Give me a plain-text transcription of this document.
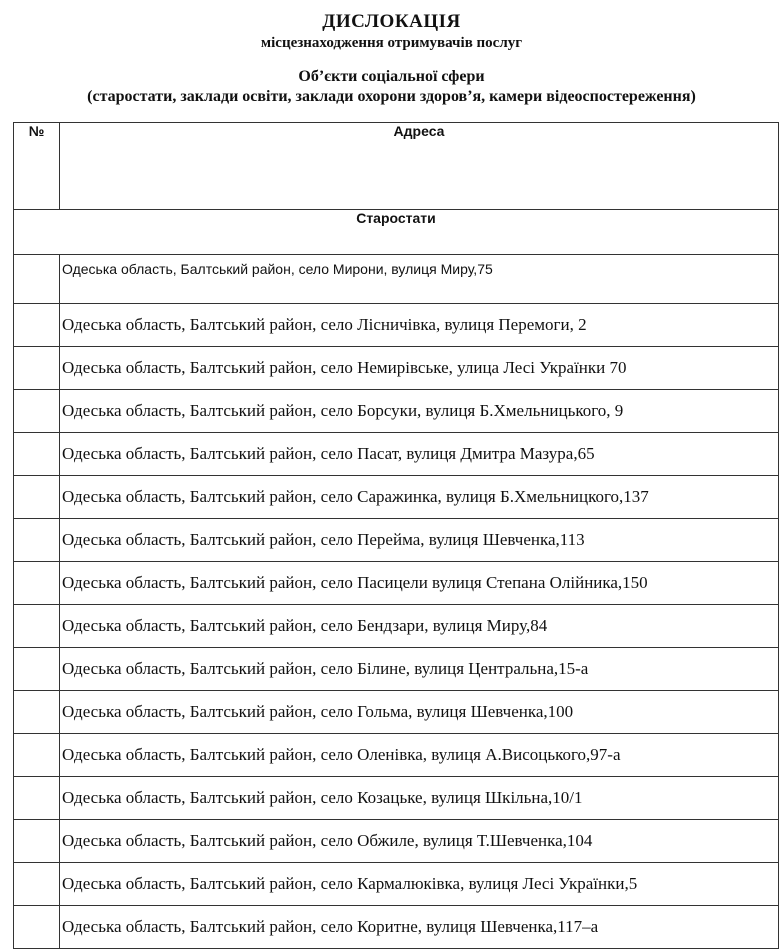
ДИСЛОКАЦІЯ
місцезнаходження отримувачів послуг
Об’єкти соціальної сфери
(старостати, заклади освіти, заклади охорони здоров’я, камери відеоспостереження)
№	Адреса
Старостати	
	Одеська область, Балтський район, село Мирони, вулиця Миру,75
	Одеська область, Балтський район, село Лісничівка, вулиця Перемоги, 2
	Одеська область, Балтський район, село Немирівське, улица Лесі Українки 70
	Одеська область, Балтський район, село Борсуки, вулиця Б.Хмельницького, 9
	Одеська область, Балтський район, село Пасат, вулиця Дмитра Мазура,65
	Одеська область, Балтський район, село Саражинка, вулиця Б.Хмельницкого,137
	Одеська область, Балтський район, село Перейма, вулиця Шевченка,113
	Одеська область, Балтський район, село Пасицели вулиця Степана Олійника,150
	Одеська область, Балтський район, село Бендзари, вулиця Миру,84
	Одеська область, Балтський район, село Білине, вулиця Центральна,15-а
	Одеська область, Балтський район, село Гольма, вулиця Шевченка,100
	Одеська область, Балтський район, село Оленівка, вулиця А.Висоцького,97-а
	Одеська область, Балтський район, село Козацьке, вулиця Шкільна,10/1
	Одеська область, Балтський район, село Обжиле, вулиця Т.Шевченка,104
	Одеська область, Балтський район, село Кармалюківка, вулиця Лесі Українки,5
	Одеська область, Балтський район, село Коритне, вулиця Шевченка,117–а
